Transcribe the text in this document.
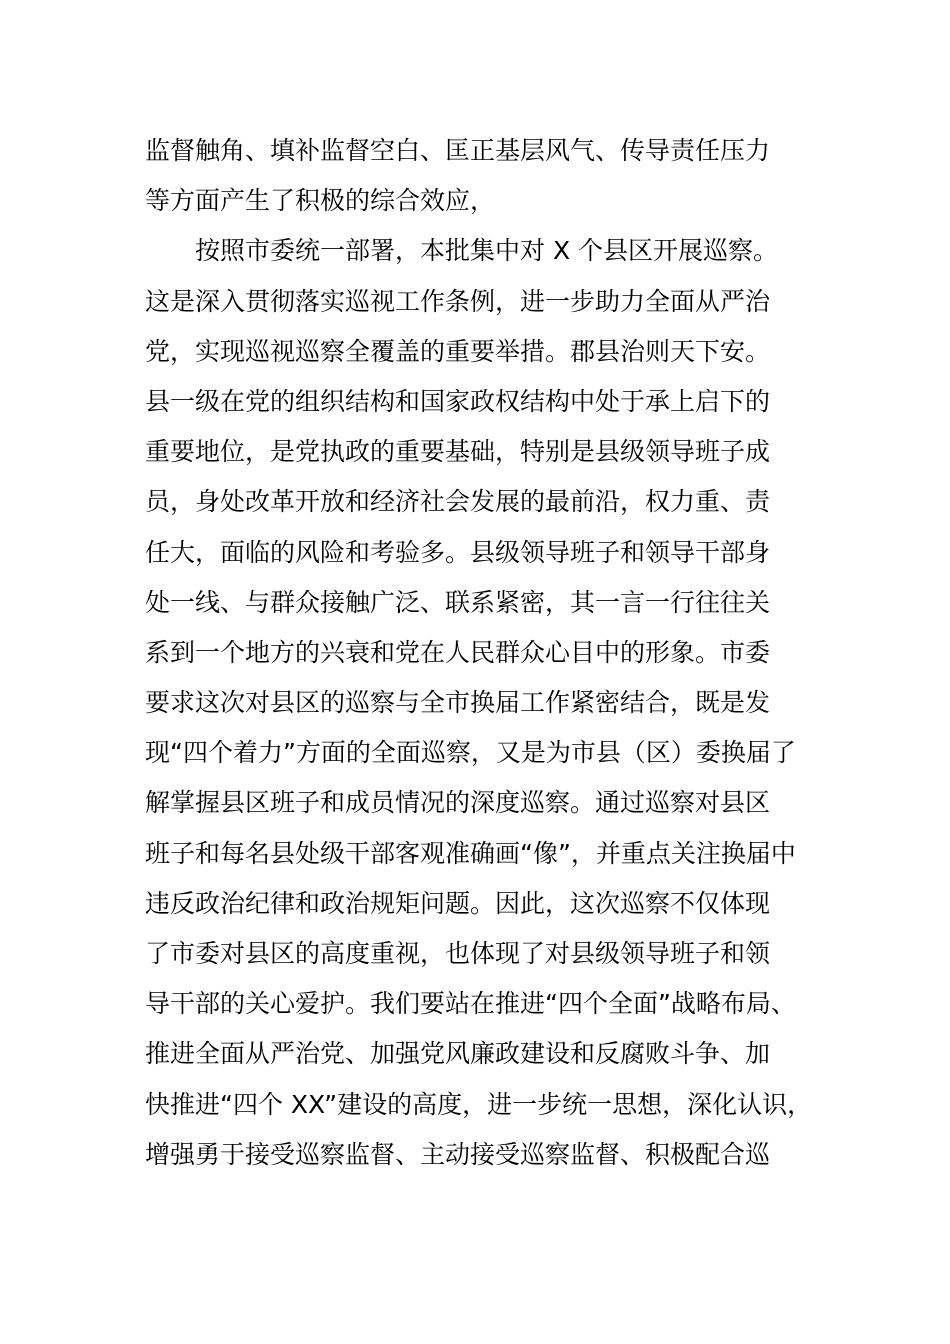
监督触角、填补监督空白、匡正基层风气、传导责任压力
等方面产生了积极的综合效应，
按照市委统一部署，本批集中对 X 个县区开展巡察。
这是深入贯彻落实巡视工作条例，进一步助力全面从严治
党，实现巡视巡察全覆盖的重要举措。郡县治则天下安。
县一级在党的组织结构和国家政权结构中处于承上启下的
重要地位，是党执政的重要基础，特别是县级领导班子成
员，身处改革开放和经济社会发展的最前沿，权力重、责
任大，面临的风险和考验多。县级领导班子和领导干部身
处一线、与群众接触广泛、联系紧密，其一言一行往往关
系到一个地方的兴衰和党在人民群众心目中的形象。市委
要求这次对县区的巡察与全市换届工作紧密结合，既是发
现“四个着力”方面的全面巡察，又是为市县（区）委换届了
解掌握县区班子和成员情况的深度巡察。通过巡察对县区
班子和每名县处级干部客观准确画“像”，并重点关注换届中
违反政治纪律和政治规矩问题。因此，这次巡察不仅体现
了市委对县区的高度重视，也体现了对县级领导班子和领
导干部的关心爱护。我们要站在推进“四个全面”战略布局、
推进全面从严治党、加强党风廉政建设和反腐败斗争、加
快推进“四个 XX”建设的高度，进一步统一思想，深化认识，
增强勇于接受巡察监督、主动接受巡察监督、积极配合巡
